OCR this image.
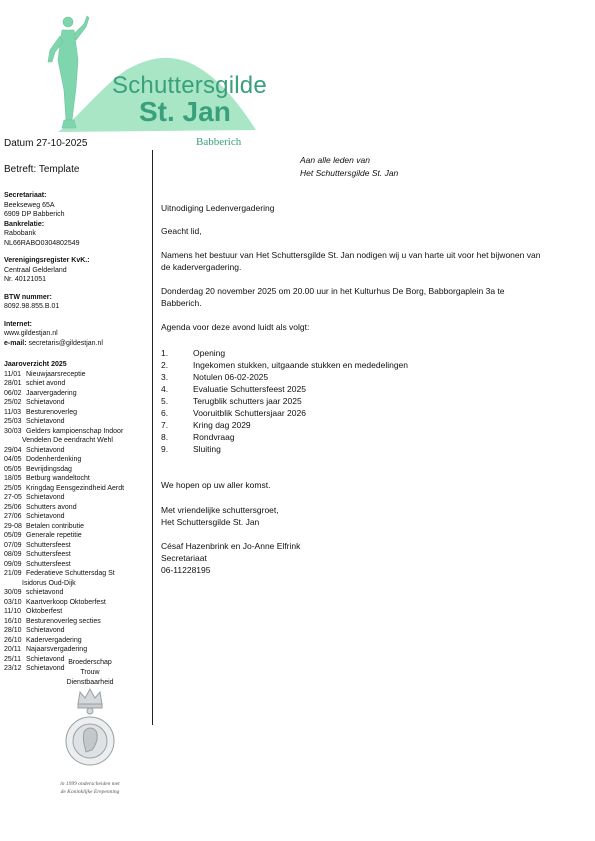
Schuttersgilde
St. Jan
Babberich
Datum 27-10-2025
Betreft: Template
Secretariaat:
Beekseweg 65A
6909 DP Babberich
Bankrelatie:
Rabobank
NL66RABO0304802549
Verenigingsregister KvK.:
Centraal Gelderland
Nr. 40121051
BTW nummer:
8092.98.855.B.01
Internet:
www.gildestjan.nl
e-mail: secretaris@gildestjan.nl
Jaaroverzicht 2025
11/01 Nieuwjaarsreceptie
28/01 schiet avond
06/02 Jaarvergadering
25/02 Schietavond
11/03 Besturenoverleg
25/03 Schietavond
30/03 Gelders kampioenschap Indoor
Vendelen De eendracht Wehl
29/04 Schietavond
04/05 Dodenherdenking
05/05 Bevrijdingsdag
18/05 Betburg wandeltocht
25/05 Kringdag Eensgezindheid Aerdt
27-05 Schietavond
25/06 Schutters avond
27/06 Schietavond
29-08 Betalen contributie
05/09 Generale repetitie
07/09 Schuttersfeest
08/09 Schuttersfeest
09/09 Schuttersfeest
21/09 Federatieve Schuttersdag St
Isidorus Oud-Dijk
30/09 schietavond
03/10 Kaartverkoop Oktoberfest
11/10 Oktoberfest
16/10 Besturenoverleg secties
28/10 Schietavond
26/10 Kadervergadering
20/11 Najaarsvergadering
25/11 Schietavond
23/12 Schietavond
Broederschap
Trouw
Dienstbaarheid
in 1999 onderscheiden met
de Koninklijke Erepenning
Aan alle leden van
Het Schuttersgilde St. Jan

Uitnodiging Ledenvergadering

Geacht lid,

Namens het bestuur van Het Schuttersgilde St. Jan nodigen wij u van harte uit voor het bijwonen van de kadervergadering.

Donderdag 20 november 2025 om 20.00 uur in het Kulturhus De Borg, Babborgaplein 3a te Babberich.

Agenda voor deze avond luidt als volgt:

1.	Opening
2.	Ingekomen stukken, uitgaande stukken en mededelingen
3.	Notulen 06-02-2025
4.	Evaluatie Schuttersfeest 2025
5.	Terugblik schutters jaar 2025
6.	Vooruitblik Schuttersjaar 2026
7.	Kring dag 2029
8.	Rondvraag
9.	Sluiting

We hopen op uw aller komst.

Met vriendelijke schuttersgroet,
Het Schuttersgilde St. Jan
Césaf Hazenbrink en Jo-Anne Elfrink
Secretariaat
06-11228195
